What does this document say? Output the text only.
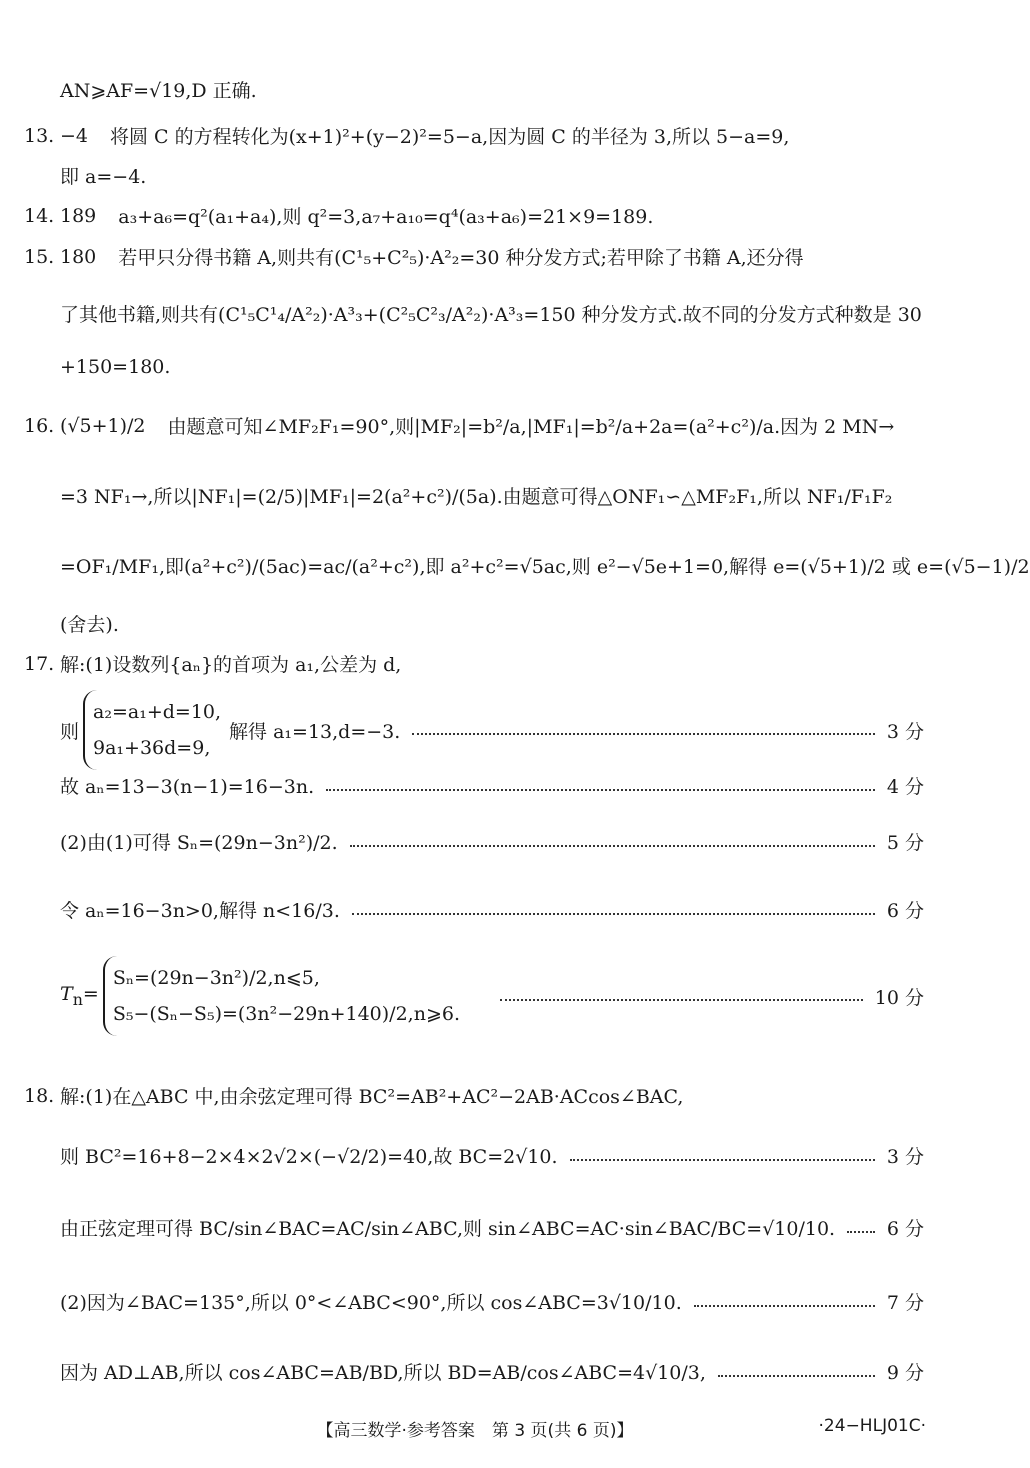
AN⩾AF=√19,D 正确.
13. −4 将圆 C 的方程转化为(x+1)²+(y−2)²=5−a,因为圆 C 的半径为 3,所以 5−a=9,
即 a=−4.
14. 189 a₃+a₆=q²(a₁+a₄),则 q²=3,a₇+a₁₀=q⁴(a₃+a₆)=21×9=189.
15. 180 若甲只分得书籍 A,则共有(C¹₅+C²₅)·A²₂=30 种分发方式;若甲除了书籍 A,还分得
了其他书籍,则共有(C¹₅C¹₄/A²₂)·A³₃+(C²₅C²₃/A²₂)·A³₃=150 种分发方式.故不同的分发方式种数是 30
+150=180.
16. (√5+1)/2 由题意可知∠MF₂F₁=90°,则|MF₂|=b²/a,|MF₁|=b²/a+2a=(a²+c²)/a.因为 2 MN→
=3 NF₁→,所以|NF₁|=(2/5)|MF₁|=2(a²+c²)/(5a).由题意可得△ONF₁∽△MF₂F₁,所以 NF₁/F₁F₂
=OF₁/MF₁,即(a²+c²)/(5ac)=ac/(a²+c²),即 a²+c²=√5ac,则 e²−√5e+1=0,解得 e=(√5+1)/2 或 e=(√5−1)/2
(舍去).
17. 解:(1)设数列{aₙ}的首项为 a₁,公差为 d,
则
a₂=a₁+d=10,
9a₁+36d=9,
解得 a₁=13,d=−3.	3 分
故 aₙ=13−3(n−1)=16−3n.	4 分
(2)由(1)可得 Sₙ=(29n−3n²)/2.	5 分
令 aₙ=16−3n>0,解得 n<16/3.	6 分
$T_n=$
Sₙ=(29n−3n²)/2,n⩽5,
S₅−(Sₙ−S₅)=(3n²−29n+140)/2,n⩾6.
10 分
18. 解:(1)在△ABC 中,由余弦定理可得 BC²=AB²+AC²−2AB·ACcos∠BAC,
则 BC²=16+8−2×4×2√2×(−√2/2)=40,故 BC=2√10.	3 分
由正弦定理可得 BC/sin∠BAC=AC/sin∠ABC,则 sin∠ABC=AC·sin∠BAC/BC=√10/10.	6 分
(2)因为∠BAC=135°,所以 0°<∠ABC<90°,所以 cos∠ABC=3√10/10.	7 分
因为 AD⊥AB,所以 cos∠ABC=AB/BD,所以 BD=AB/cos∠ABC=4√10/3,	9 分
【高三数学·参考答案　第 3 页(共 6 页)】	·24−HLJ01C·
